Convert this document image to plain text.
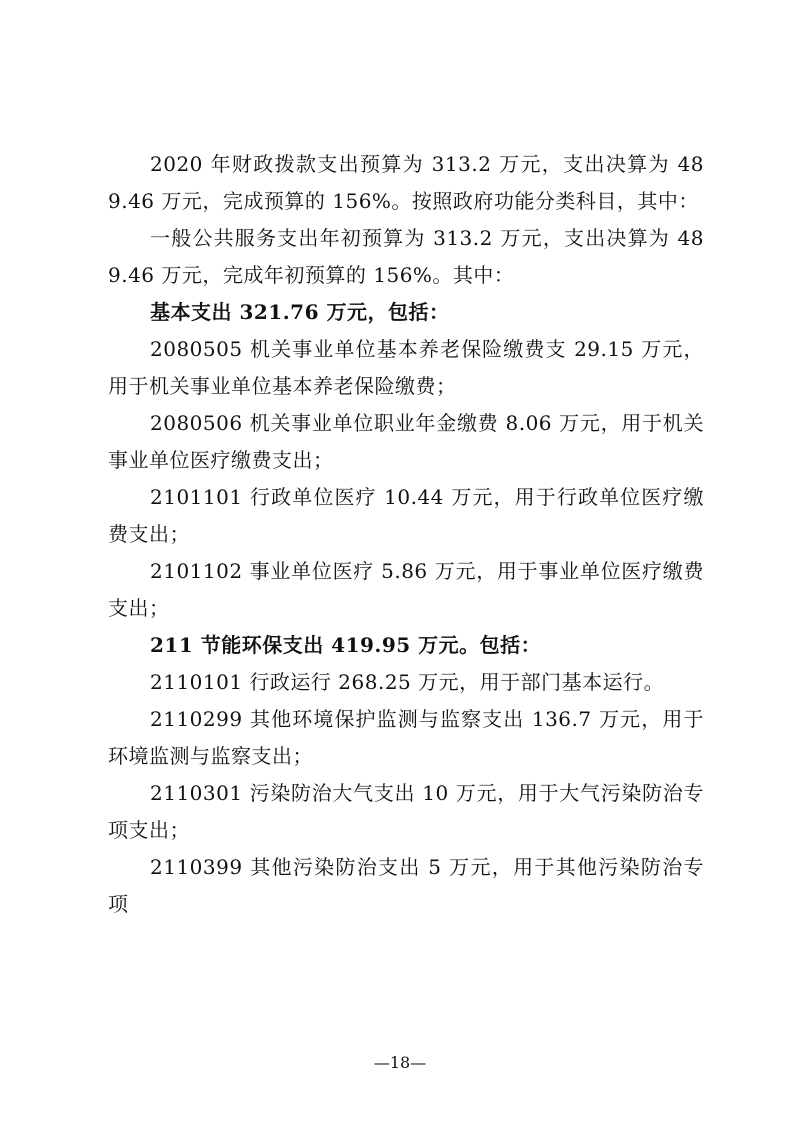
2020 年财政拨款支出预算为 313.2 万元，支出决算为 489.46 万元，完成预算的 156%。按照政府功能分类科目，其中：

一般公共服务支出年初预算为 313.2 万元，支出决算为 489.46 万元，完成年初预算的 156%。其中：

基本支出 321.76 万元，包括：

2080505 机关事业单位基本养老保险缴费支 29.15 万元，用于机关事业单位基本养老保险缴费；

2080506 机关事业单位职业年金缴费 8.06 万元，用于机关事业单位医疗缴费支出；

2101101 行政单位医疗 10.44 万元，用于行政单位医疗缴费支出；

2101102 事业单位医疗 5.86 万元，用于事业单位医疗缴费支出；

211 节能环保支出 419.95 万元。包括：

2110101 行政运行 268.25 万元，用于部门基本运行。

2110299 其他环境保护监测与监察支出 136.7 万元，用于环境监测与监察支出；

2110301 污染防治大气支出 10 万元，用于大气污染防治专项支出；

2110399 其他污染防治支出 5 万元，用于其他污染防治专项

—18—
